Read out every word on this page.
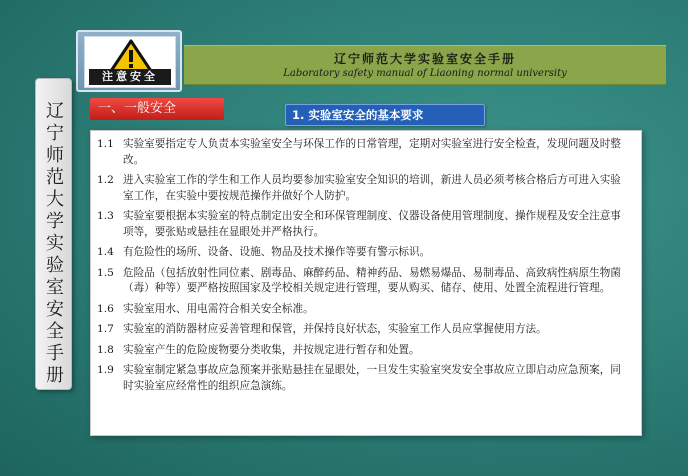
注意安全
辽宁师范大学实验室安全手册
Laboratory safety manual of Liaoning normal university
辽宁师范大学实验室安全手册	一、一般安全	1. 实验室安全的基本要求
1.1 实验室要指定专人负责本实验室安全与环保工作的日常管理，定期对实验室进行安全检查，发现问题及时整改。
1.2 进入实验室工作的学生和工作人员均要参加实验室安全知识的培训，新进人员必须考核合格后方可进入实验室工作，在实验中要按规范操作并做好个人防护。
1.3 实验室要根据本实验室的特点制定出安全和环保管理制度、仪器设备使用管理制度、操作规程及安全注意事项等，要张贴或悬挂在显眼处并严格执行。
1.4 有危险性的场所、设备、设施、物品及技术操作等要有警示标识。
1.5 危险品（包括放射性同位素、剧毒品、麻醉药品、精神药品、易燃易爆品、易制毒品、高致病性病原生物菌（毒）种等）要严格按照国家及学校相关规定进行管理，要从购买、储存、使用、处置全流程进行管理。
1.6 实验室用水、用电需符合相关安全标准。
1.7 实验室的消防器材应妥善管理和保管，并保持良好状态，实验室工作人员应掌握使用方法。
1.8 实验室产生的危险废物要分类收集，并按规定进行暂存和处置。
1.9 实验室制定紧急事故应急预案并张贴悬挂在显眼处，一旦发生实验室突发安全事故应立即启动应急预案，同时实验室应经常性的组织应急演练。
